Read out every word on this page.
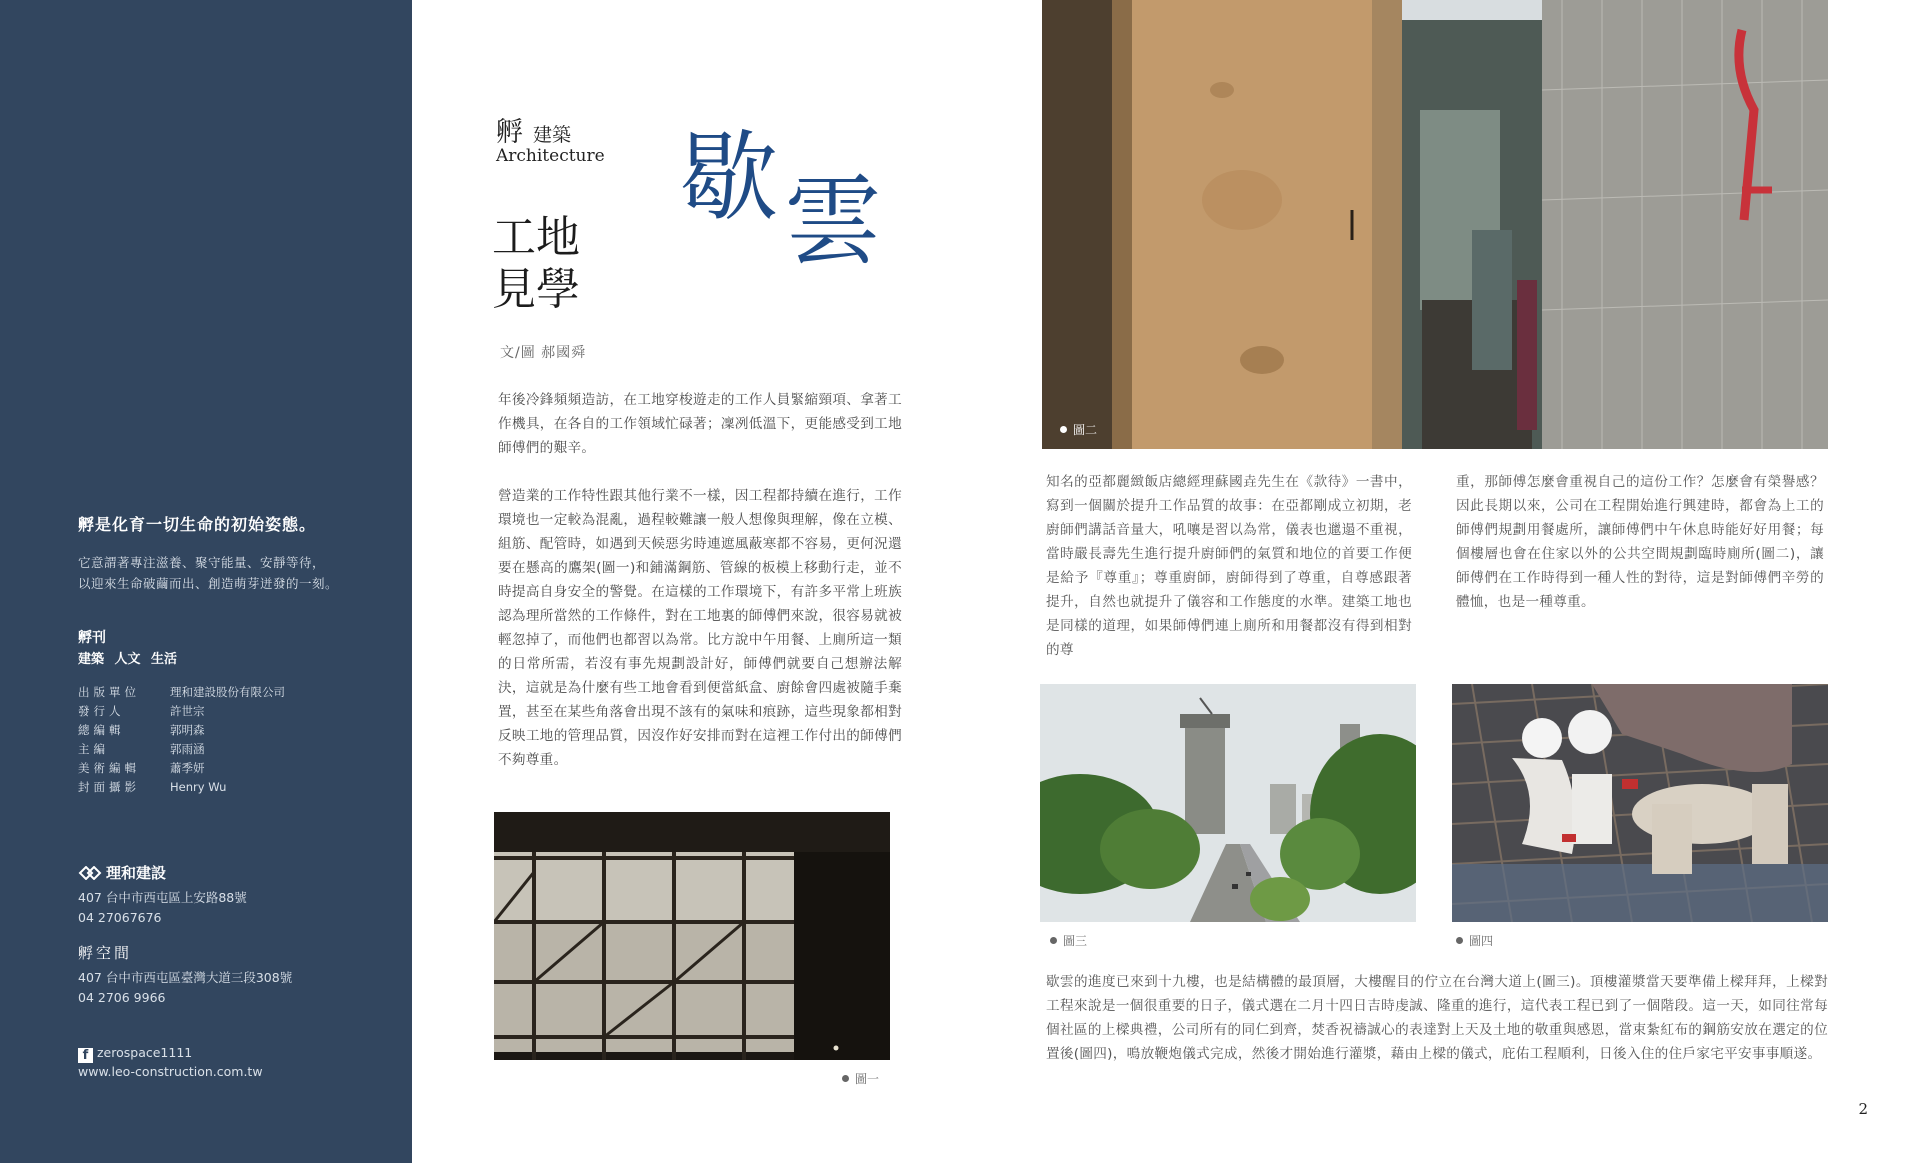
孵是化育一切生命的初始姿態。
它意謂著專注滋養、聚守能量、安靜等待，
以迎來生命破繭而出、創造萌芽迸發的一刻。
孵刊
建築 人文 生活
出版單位	理和建設股份有限公司
發行人	許世宗
總編輯	郭明森
主編	郭雨涵
美術編輯	蕭季妍
封面攝影	Henry Wu
理和建設
407 台中市西屯區上安路88號
04 27067676
孵空間
407 台中市西屯區臺灣大道三段308號
04 2706 9966
f zerospace1111
www.leo-construction.com.tw
孵 建築
Architecture
工地
見學
歇 雲
文/圖 郝國舜
年後冷鋒頻頻造訪，在工地穿梭遊走的工作人員緊縮頸項、拿著工作機具，在各自的工作領域忙碌著；凜冽低溫下，更能感受到工地師傅們的艱辛。
營造業的工作特性跟其他行業不一樣，因工程都持續在進行，工作環境也一定較為混亂，過程較難讓一般人想像與理解，像在立模、組筋、配管時，如遇到天候惡劣時連遮風蔽寒都不容易，更何況還要在懸高的鷹架(圖一)和鋪滿鋼筋、管線的板模上移動行走，並不時提高自身安全的警覺。在這樣的工作環境下，有許多平常上班族認為理所當然的工作條件，對在工地裏的師傅們來說，很容易就被輕忽掉了，而他們也都習以為常。比方說中午用餐、上廁所這一類的日常所需，若沒有事先規劃設計好，師傅們就要自己想辦法解決，這就是為什麼有些工地會看到便當紙盒、廚餘會四處被隨手棄置，甚至在某些角落會出現不該有的氣味和痕跡，這些現象都相對反映工地的管理品質，因沒作好安排而對在這裡工作付出的師傅們不夠尊重。
圖一
圖二
知名的亞都麗緻飯店總經理蘇國垚先生在《款待》一書中，寫到一個關於提升工作品質的故事：在亞都剛成立初期，老廚師們講話音量大，吼嚷是習以為常，儀表也邋遢不重視，當時嚴長壽先生進行提升廚師們的氣質和地位的首要工作便是給予『尊重』；尊重廚師，廚師得到了尊重，自尊感跟著提升，自然也就提升了儀容和工作態度的水準。建築工地也是同樣的道理，如果師傅們連上廁所和用餐都沒有得到相對的尊
重，那師傅怎麼會重視自己的這份工作？怎麼會有榮譽感？因此長期以來，公司在工程開始進行興建時，都會為上工的師傅們規劃用餐處所，讓師傅們中午休息時能好好用餐；每個樓層也會在住家以外的公共空間規劃臨時廁所(圖二)，讓師傅們在工作時得到一種人性的對待，這是對師傅們辛勞的體恤，也是一種尊重。
圖三	圖四
歇雲的進度已來到十九樓，也是結構體的最頂層，大樓醒目的佇立在台灣大道上(圖三)。頂樓灌漿當天要準備上樑拜拜，上樑對工程來說是一個很重要的日子，儀式選在二月十四日吉時虔誠、隆重的進行，這代表工程已到了一個階段。這一天，如同往常每個社區的上樑典禮，公司所有的同仁到齊，焚香祝禱誠心的表達對上天及土地的敬重與感恩，當束紮紅布的鋼筋安放在選定的位置後(圖四)，鳴放鞭炮儀式完成，然後才開始進行灌漿，藉由上樑的儀式，庇佑工程順利，日後入住的住戶家宅平安事事順遂。
2
